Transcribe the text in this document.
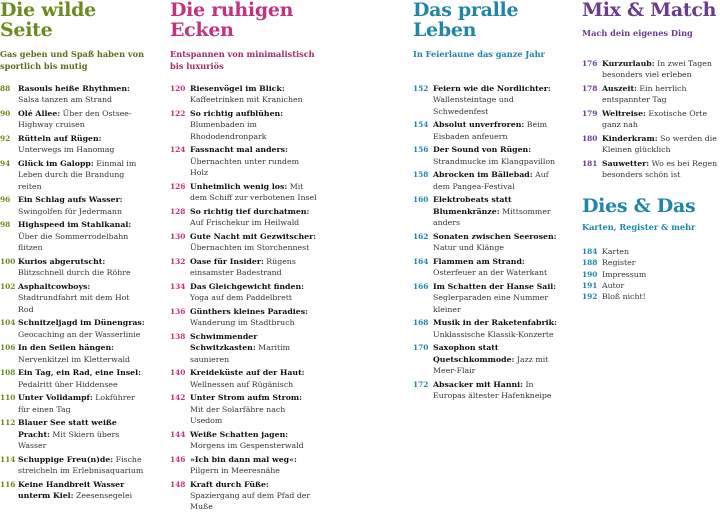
Die wilde Seite

Gas geben und Spaß haben von sportlich bis mutig

88 Rasouls heiße Rhythmen: Salsa tanzen am Strand
90 Olé Allee: Über den Ostsee-Highway cruisen
92 Rütteln auf Rügen: Unterwegs im Hanomag
94 Glück im Galopp: Einmal im Leben durch die Brandung reiten
96 Ein Schlag aufs Wasser: Swingolfen für Jedermann
98 Highspeed im Stahlkanal: Über die Sommerrodelbahn flitzen
100 Kurios abgerutscht: Blitzschnell durch die Röhre
102 Asphaltcowboys: Stadtrundfahrt mit dem Hot Rod
104 Schnitzeljagd im Dünengras: Geocaching an der Wasserlinie
106 In den Seilen hängen: Nervenkitzel im Kletterwald
108 Ein Tag, ein Rad, eine Insel: Pedalritt über Hiddensee
110 Unter Volldampf: Lokführer für einen Tag
112 Blauer See statt weiße Pracht: Mit Skiern übers Wasser
114 Schuppige Freu(n)de: Fische streicheln im Erlebnisaquarium
116 Keine Handbreit Wasser unterm Kiel: Zeesensegelei
Die ruhigen Ecken

Entspannen von minimalistisch bis luxuriös

120 Riesenvögel im Blick: Kaffeetrinken mit Kranichen
122 So richtig aufblühen: Blumenbaden im Rhododendronpark
124 Fassnacht mal anders: Übernachten unter rundem Holz
126 Unheimlich wenig los: Mit dem Schiff zur verbotenen Insel
128 So richtig tief durchatmen: Auf Frischekur im Heilwald
130 Gute Nacht mit Gezwitscher: Übernachten im Storchennest
132 Oase für Insider: Rügens einsamster Badestrand
134 Das Gleichgewicht finden: Yoga auf dem Paddelbrett
136 Günthers kleines Paradies: Wanderung im Stadtbruch
138 Schwimmender Schwitzkasten: Maritim saunieren
140 Kreideküste auf der Haut: Wellnessen auf Rügänisch
142 Unter Strom aufm Strom: Mit der Solarfähre nach Usedom
144 Weiße Schatten jagen: Morgens im Gespensterwald
146 »Ich bin dann mal weg«: Pilgern in Meeresnähe
148 Kraft durch Füße: Spaziergang auf dem Pfad der Muße
Das pralle Leben

In Feierlaune das ganze Jahr

152 Feiern wie die Nordlichter: Wallensteintage und Schwedenfest
154 Absolut unverfroren: Beim Eisbaden anfeuern
156 Der Sound von Rügen: Strandmucke im Klangpavillon
158 Abrocken im Bällebad: Auf dem Pangea-Festival
160 Elektrobeats statt Blumenkränze: Mittsommer anders
162 Sonaten zwischen Seerosen: Natur und Klänge
164 Flammen am Strand: Osterfeuer an der Waterkant
166 Im Schatten der Hanse Sail: Seglerparaden eine Nummer kleiner
168 Musik in der Raketenfabrik: Unklassische Klassik-Konzerte
170 Saxophon statt Quetschkommode: Jazz mit Meer-Flair
172 Absacker mit Hanni: In Europas ältester Hafenkneipe
Mix & Match

Mach dein eigenes Ding

176 Kurzurlaub: In zwei Tagen besonders viel erleben
178 Auszeit: Ein herrlich entspannter Tag
179 Weltreise: Exotische Orte ganz nah
180 Kinderkram: So werden die Kleinen glücklich
181 Sauwetter: Wo es bei Regen besonders schön ist
Dies & Das

Karten, Register & mehr

184 Karten
188 Register
190 Impressum
191 Autor
192 Bloß nicht!
